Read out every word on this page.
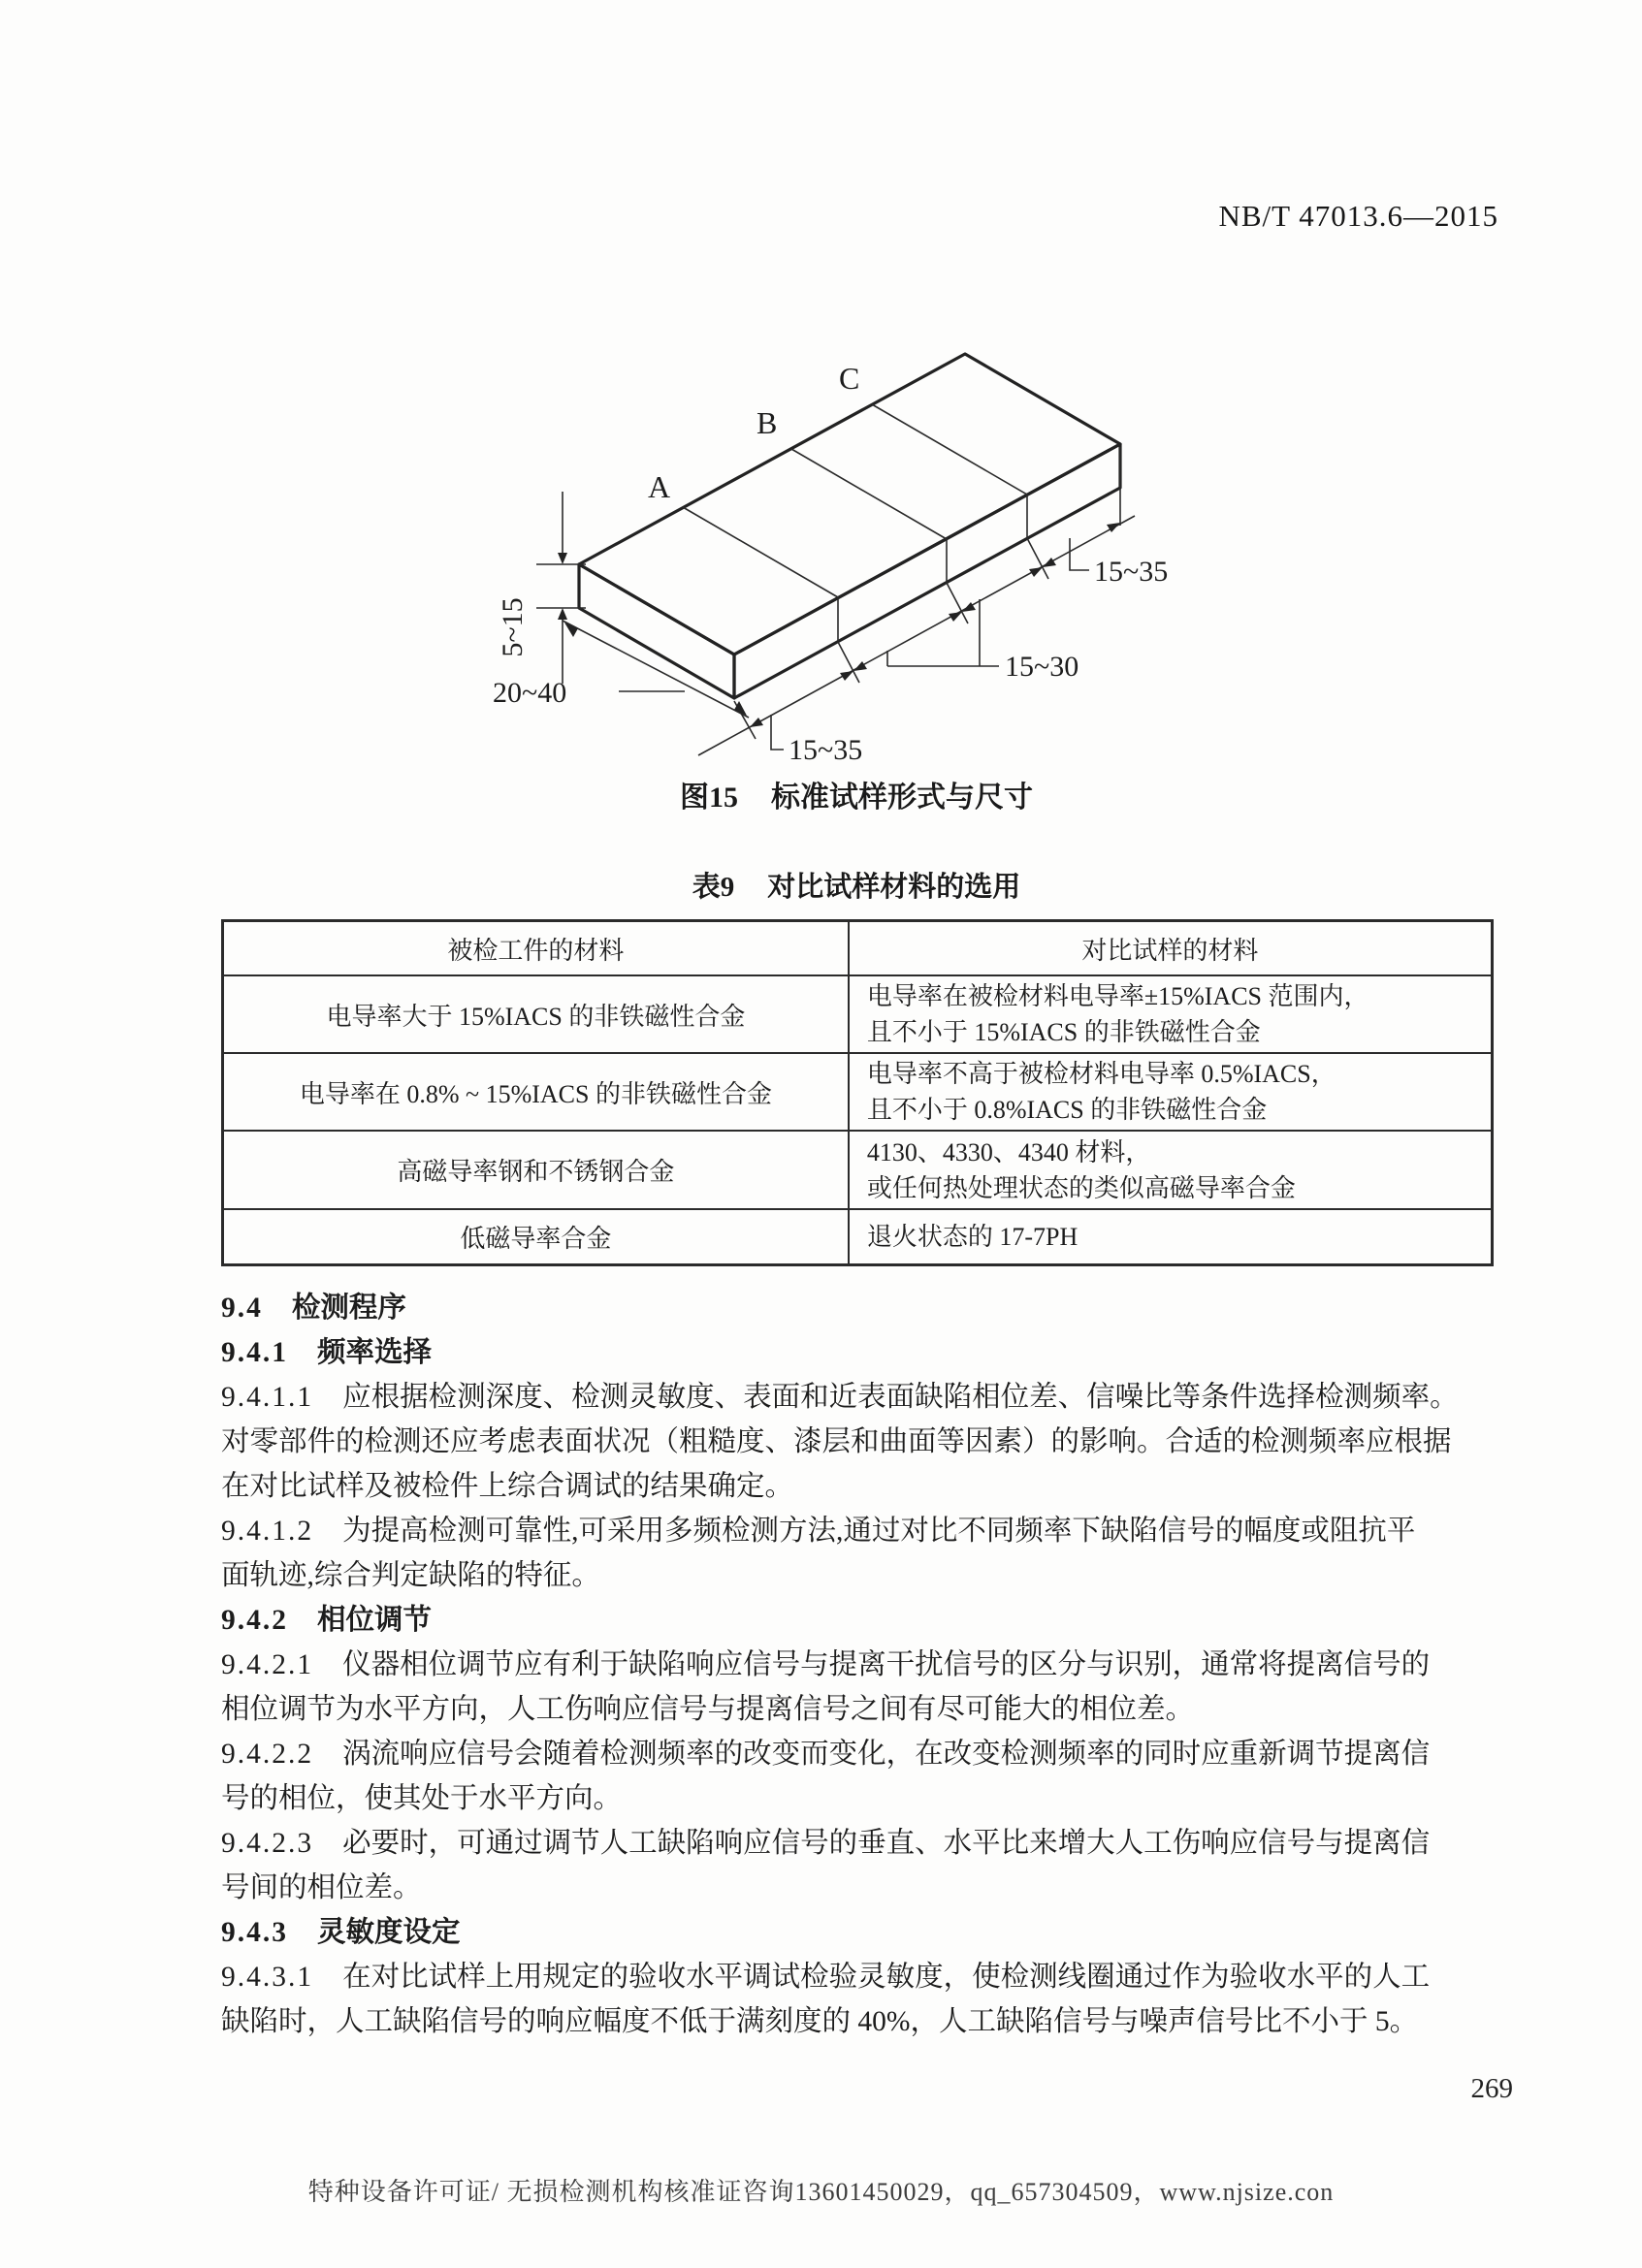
NB/T 47013.6—2015
A
B
C
5~15
20~40
15~35
15~30
15~35
图15 标准试样形式与尺寸
表9 对比试样材料的选用
被检工件的材料	对比试样的材料
电导率大于 15%IACS 的非铁磁性合金	电导率在被检材料电导率±15%IACS 范围内，
且不小于 15%IACS 的非铁磁性合金

电导率在 0.8% ~ 15%IACS 的非铁磁性合金	电导率不高于被检材料电导率 0.5%IACS，
且不小于 0.8%IACS 的非铁磁性合金

高磁导率钢和不锈钢合金	4130、4330、4340 材料，
或任何热处理状态的类似高磁导率合金

低磁导率合金	退火状态的 17-7PH
9.4 检测程序
9.4.1 频率选择
9.4.1.1 应根据检测深度、检测灵敏度、表面和近表面缺陷相位差、信噪比等条件选择检测频率。
对零部件的检测还应考虑表面状况（粗糙度、漆层和曲面等因素）的影响。合适的检测频率应根据
在对比试样及被检件上综合调试的结果确定。
9.4.1.2 为提高检测可靠性,可采用多频检测方法,通过对比不同频率下缺陷信号的幅度或阻抗平
面轨迹,综合判定缺陷的特征。
9.4.2 相位调节
9.4.2.1 仪器相位调节应有利于缺陷响应信号与提离干扰信号的区分与识别，通常将提离信号的
相位调节为水平方向，人工伤响应信号与提离信号之间有尽可能大的相位差。
9.4.2.2 涡流响应信号会随着检测频率的改变而变化，在改变检测频率的同时应重新调节提离信
号的相位，使其处于水平方向。
9.4.2.3 必要时，可通过调节人工缺陷响应信号的垂直、水平比来增大人工伤响应信号与提离信
号间的相位差。
9.4.3 灵敏度设定
9.4.3.1 在对比试样上用规定的验收水平调试检验灵敏度，使检测线圈通过作为验收水平的人工
缺陷时，人工缺陷信号的响应幅度不低于满刻度的 40%，人工缺陷信号与噪声信号比不小于 5。
269
特种设备许可证/ 无损检测机构核准证咨询13601450029，qq_657304509，www.njsize.con
